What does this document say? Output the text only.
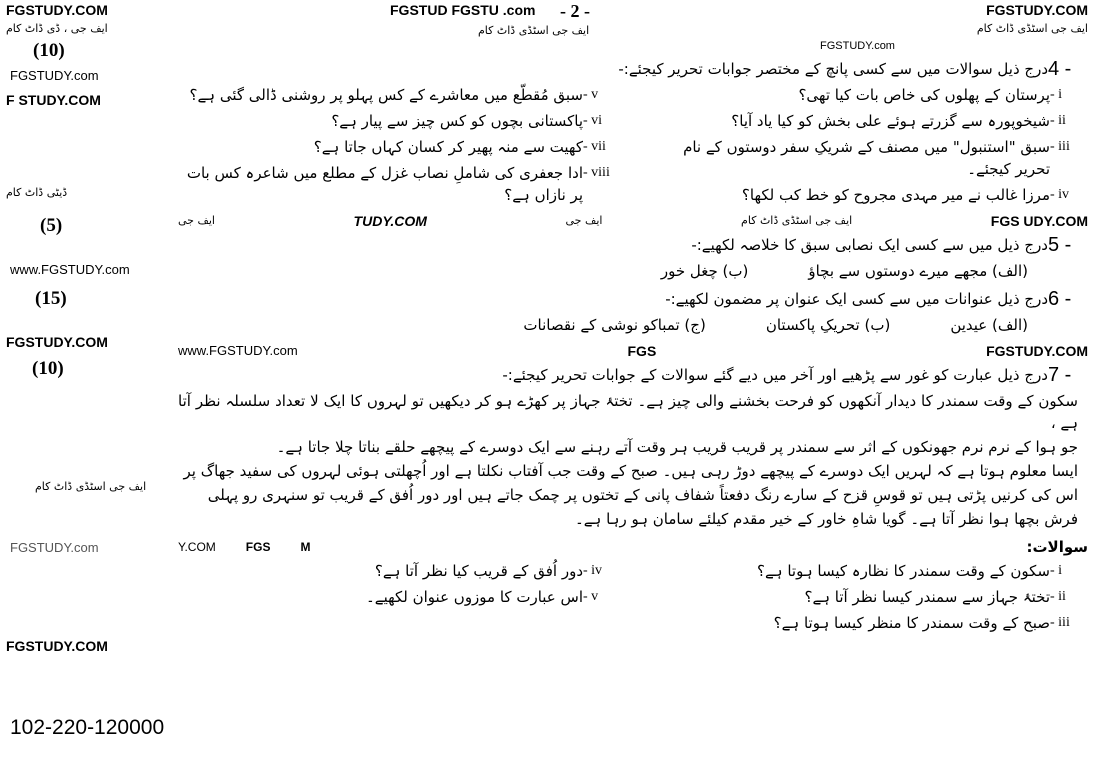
FGSTUDY.COM	FGSTUD FGSTU .com - 2 -	FGSTUDY.COM
ایف جی ، ڈی ڈاٹ کام	ایف جی اسٹڈی ڈاٹ کام	ایف جی اسٹڈی ڈاٹ کام
FGSTUDY.com
(10)
FGSTUDY.com
F STUDY.COM
ڈیٹی ڈاٹ کام
(5)
www.FGSTUDY.com
(15)
FGSTUDY.COM
(10)
ایف جی اسٹڈی ڈاٹ کام
FGSTUDY.com
FGSTUDY.COM
102-220-120000
4 -
درج ذیل سوالات میں سے کسی پانچ کے مختصر جوابات تحریر کیجئے:-
- i
پرستان کے پھلوں کی خاص بات کیا تھی؟
- ii
شیخوپورہ سے گزرتے ہوئے علی بخش کو کیا یاد آیا؟
- iii
سبق "استنبول" میں مصنف کے شریکِ سفر دوستوں کے نام تحریر کیجئے۔
- iv
مرزا غالب نے میر مہدی مجروح کو خط کب لکھا؟
- v
سبق مُقطّع میں معاشرے کے کس پہلو پر روشنی ڈالی گئی ہے؟
- vi
پاکستانی بچوں کو کس چیز سے پیار ہے؟
- vii
کھیت سے منہ پھیر کر کسان کہاں جاتا ہے؟
- viii
ادا جعفری کی شاملِ نصاب غزل کے مطلع میں شاعرہ کس بات پر نازاں ہے؟
FGS UDY.COM
ایف جی اسٹڈی ڈاٹ کام
ایف جی
TUDY.COM
ایف جی
5 -
درج ذیل میں سے کسی ایک نصابی سبق کا خلاصہ لکھیے:-
(الف) مجھے میرے دوستوں سے بچاؤ
(ب) چغل خور
6 -
درج ذیل عنوانات میں سے کسی ایک عنوان پر مضمون لکھیے:-
(الف) عیدین
(ب) تحریکِ پاکستان
(ج) تمباکو نوشی کے نقصانات
FGSTUDY.COM
FGS
www.FGSTUDY.com
7 -
درج ذیل عبارت کو غور سے پڑھیے اور آخر میں دیے گئے سوالات کے جوابات تحریر کیجئے:-
سکون کے وقت سمندر کا دیدار آنکھوں کو فرحت بخشنے والی چیز ہے۔ تختۂ جہاز پر کھڑے ہو کر دیکھیں تو لہروں کا ایک لا تعداد سلسلہ نظر آتا ہے ،
جو ہوا کے نرم نرم جھونکوں کے اثر سے سمندر پر قریب قریب ہر وقت آتے رہنے سے ایک دوسرے کے پیچھے حلقے بناتا چلا جاتا ہے۔
ایسا معلوم ہوتا ہے کہ لہریں ایک دوسرے کے پیچھے دوڑ رہی ہیں۔ صبح کے وقت جب آفتاب نکلتا ہے اور اُچھلتی ہوئی لہروں کی سفید جھاگ پر
اس کی کرنیں پڑتی ہیں تو قوسِ قزح کے سارے رنگ دفعتاً شفاف پانی کے تختوں پر چمک جاتے ہیں اور دور اُفق کے قریب تو سنہری رو پہلی
فرش بچھا ہوا نظر آتا ہے۔ گویا شاہِ خاور کے خیر مقدم کیلئے سامان ہو رہا ہے۔
سوالات:
M
FGS
Y.COM
- i
سکون کے وقت سمندر کا نظارہ کیسا ہوتا ہے؟
- ii
تختۂ جہاز سے سمندر کیسا نظر آتا ہے؟
- iii
صبح کے وقت سمندر کا منظر کیسا ہوتا ہے؟
- iv
دور اُفق کے قریب کیا نظر آتا ہے؟
- v
اس عبارت کا موزوں عنوان لکھیے۔
